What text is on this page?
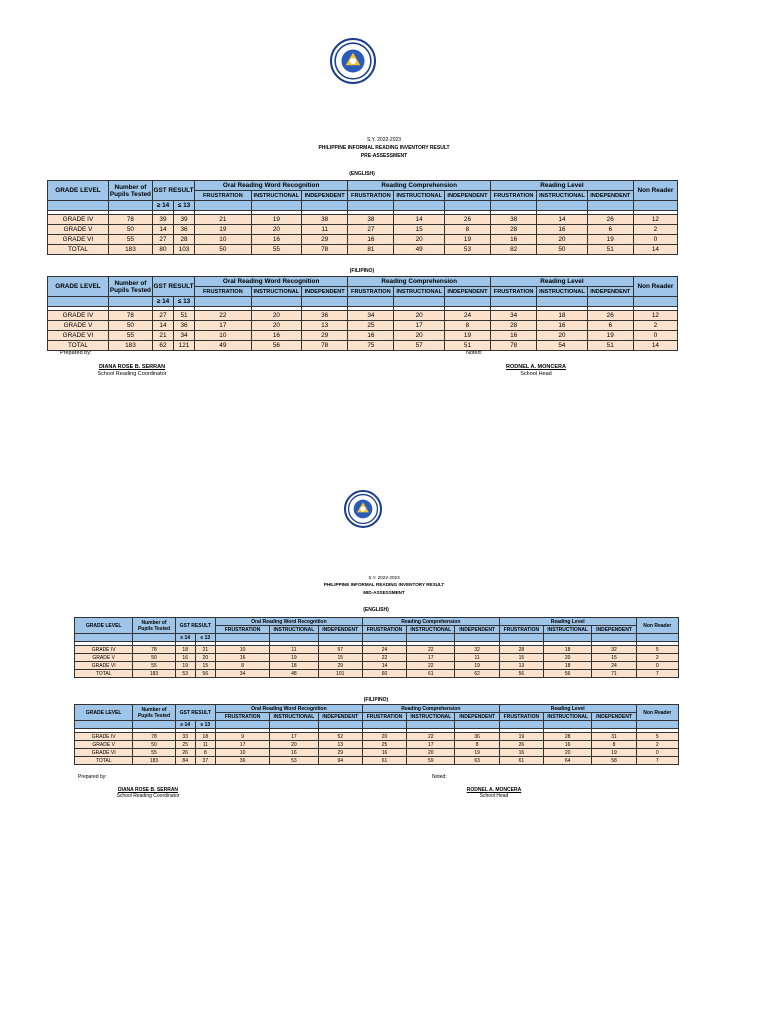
S.Y. 2022-2023
PHILIPPINE INFORMAL READING INVENTORY RESULT
PRE-ASSESSMENT
(ENGLISH)
GRADE LEVEL	Number of Pupils Tested	GST RESULT		Oral Reading Word Recognition			Reading Comprehension			Reading Level			Non Reader
				FRUSTRATION	INSTRUCTIONAL	INDEPENDENT	FRUSTRATION	INSTRUCTIONAL	INDEPENDENT	FRUSTRATION	INSTRUCTIONAL	INDEPENDENT	
		≥ 14	≤ 13										

GRADE IV	78	39	39	21	19	38	38	14	26	38	14	26	12
GRADE V	50	14	36	19	20	11	27	15	8	28	16	6	2
GRADE VI	55	27	28	10	16	29	16	20	19	16	20	19	0
TOTAL	183	80	103	50	55	78	81	49	53	82	50	51	14
(FILIPINO)
GRADE LEVEL	Number of Pupils Tested	GST RESULT		Oral Reading Word Recognition			Reading Comprehension			Reading Level			Non Reader
				FRUSTRATION	INSTRUCTIONAL	INDEPENDENT	FRUSTRATION	INSTRUCTIONAL	INDEPENDENT	FRUSTRATION	INSTRUCTIONAL	INDEPENDENT	
		≥ 14	≤ 13										

GRADE IV	78	27	51	22	20	36	34	20	24	34	18	26	12
GRADE V	50	14	36	17	20	13	25	17	8	28	16	6	2
GRADE VI	55	21	34	10	16	29	16	20	19	16	20	19	0
TOTAL	183	62	121	49	56	78	75	57	51	78	54	51	14
Prepared by:	Noted:
DIANA ROSE B. SERRAN
School Reading Coordinator
RODNEL A. MONCERA
School Head
S.Y. 2022-2023
PHILIPPINE INFORMAL READING INVENTORY RESULT
MID-ASSESSMENT
(ENGLISH)
GRADE LEVEL	Number of Pupils Tested	GST RESULT		Oral Reading Word Recognition			Reading Comprehension			Reading Level			Non Reader
				FRUSTRATION	INSTRUCTIONAL	INDEPENDENT	FRUSTRATION	INSTRUCTIONAL	INDEPENDENT	FRUSTRATION	INSTRUCTIONAL	INDEPENDENT	
		≥ 14	≤ 13										

GRADE IV	78	18	21	10	11	57	24	22	32	28	18	32	5
GRADE V	50	16	20	16	19	15	22	17	11	15	20	15	2
GRADE VI	55	19	15	8	18	29	14	22	19	13	18	24	0
TOTAL	183	53	56	34	48	101	60	61	62	56	56	71	7
(FILIPINO)
GRADE LEVEL	Number of Pupils Tested	GST RESULT		Oral Reading Word Recognition			Reading Comprehension			Reading Level			Non Reader
				FRUSTRATION	INSTRUCTIONAL	INDEPENDENT	FRUSTRATION	INSTRUCTIONAL	INDEPENDENT	FRUSTRATION	INSTRUCTIONAL	INDEPENDENT	
		≥ 14	≤ 13										

GRADE IV	78	33	18	9	17	52	20	22	36	19	28	31	5
GRADE V	50	25	11	17	20	13	25	17	8	26	16	8	2
GRADE VI	55	26	8	10	16	29	16	20	19	16	20	19	0
TOTAL	183	84	37	36	53	94	61	59	63	61	64	58	7
Prepared by:	Noted:
DIANA ROSE B. SERRAN
School Reading Coordinator
RODNEL A. MONCERA
School Head
